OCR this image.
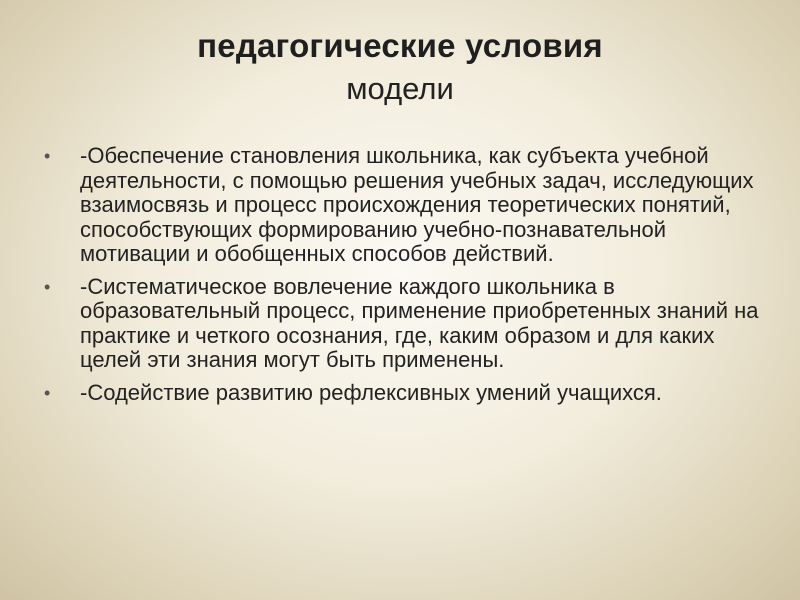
педагогические условия
модели
•	-Обеспечение становления школьника, как субъекта учебной деятельности, с помощью решения учебных задач, исследующих взаимосвязь и процесс происхождения теоретических понятий, способствующих формированию учебно-познавательной мотивации и обобщенных способов действий.
•	-Систематическое вовлечение каждого школьника в образовательный процесс, применение приобретенных знаний на практике и четкого осознания, где, каким образом и для каких целей эти знания могут быть применены.
•	-Содействие развитию рефлексивных умений учащихся.
